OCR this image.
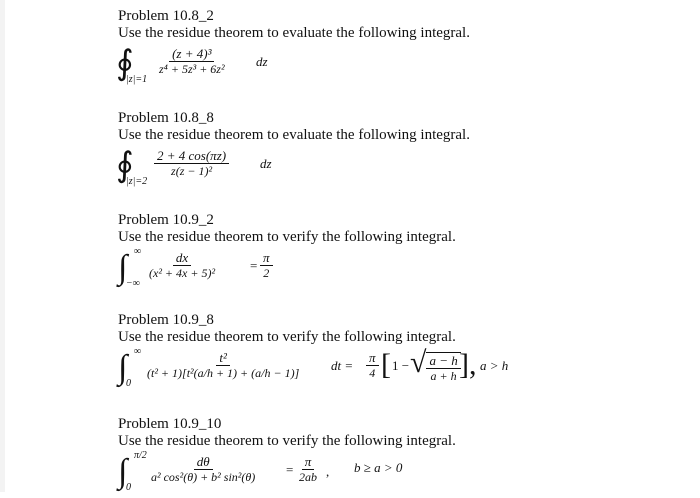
Problem 10.8_2
Use the residue theorem to evaluate the following integral.
∮
|z|=1
$\frac{\text{(z + 4)³}}{\text{z⁴ + 5z³ + 6z²}}$ dz
Problem 10.8_8
Use the residue theorem to evaluate the following integral.
∮
|z|=2
$\frac{2 + 4 \cos(\pi z)}{\text{z(z − 1)²}}$ dz
Problem 10.9_2
Use the residue theorem to verify the following integral.
∫ ∞
−∞
$\frac{dx}{\text{(x² + 4x + 5)²}} = \frac{\pi}{2}$
Problem 10.9_8
Use the residue theorem to verify the following integral.
∫ ∞
0
$\frac{\text{t²}}{\text{(t² + 1)[t²(a/h + 1) + (a/h − 1)]}}$ dt = $\frac{\pi}{4}$ [ 1 − √ $\frac{a - h}{a + h}$
], a > h
Problem 10.9_10
Use the residue theorem to verify the following integral.
∫ π/2
0
$\frac{d\theta}{\text{a² cos²(θ) + b² sin²(θ)}} = \frac{\pi}{2ab}$ , b ≥ a > 0
